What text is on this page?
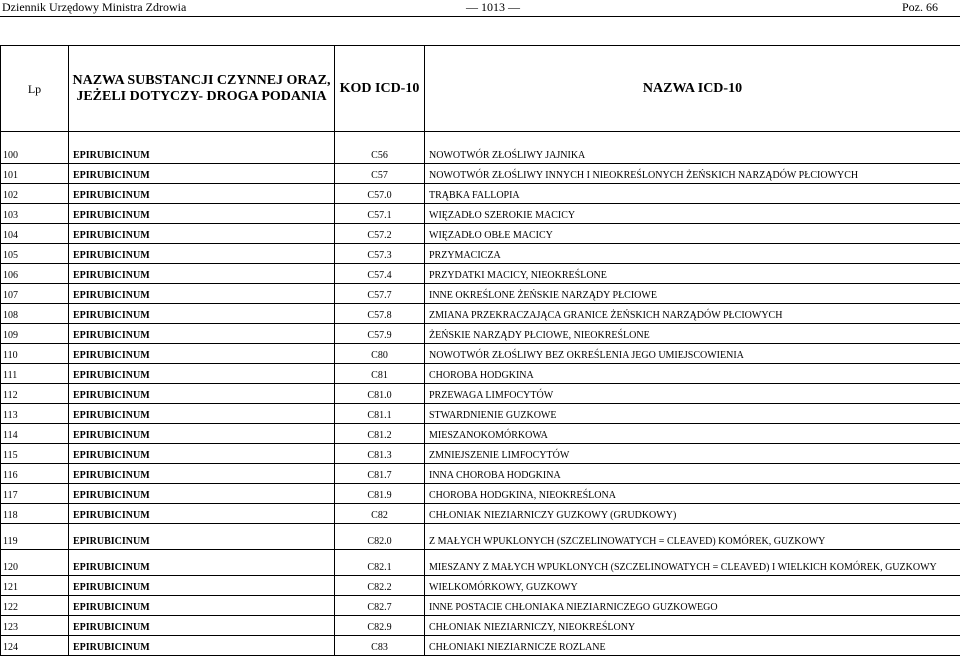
Dziennik Urzędowy Ministra Zdrowia	— 1013 —	Poz. 66
Lp	NAZWA SUBSTANCJI CZYNNEJ ORAZ,
JEŻELI DOTYCZY- DROGA PODANIA	KOD ICD-10	NAZWA ICD-10
100	EPIRUBICINUM	C56	NOWOTWÓR ZŁOŚLIWY JAJNIKA
101	EPIRUBICINUM	C57	NOWOTWÓR ZŁOŚLIWY INNYCH I NIEOKREŚLONYCH ŻEŃSKICH NARZĄDÓW PŁCIOWYCH
102	EPIRUBICINUM	C57.0	TRĄBKA FALLOPIA
103	EPIRUBICINUM	C57.1	WIĘZADŁO SZEROKIE MACICY
104	EPIRUBICINUM	C57.2	WIĘZADŁO OBŁE MACICY
105	EPIRUBICINUM	C57.3	PRZYMACICZA
106	EPIRUBICINUM	C57.4	PRZYDATKI MACICY, NIEOKREŚLONE
107	EPIRUBICINUM	C57.7	INNE OKREŚLONE ŻEŃSKIE NARZĄDY PŁCIOWE
108	EPIRUBICINUM	C57.8	ZMIANA PRZEKRACZAJĄCA GRANICE ŻEŃSKICH NARZĄDÓW PŁCIOWYCH
109	EPIRUBICINUM	C57.9	ŻEŃSKIE NARZĄDY PŁCIOWE, NIEOKREŚLONE
110	EPIRUBICINUM	C80	NOWOTWÓR ZŁOŚLIWY BEZ OKREŚLENIA JEGO UMIEJSCOWIENIA
111	EPIRUBICINUM	C81	CHOROBA HODGKINA
112	EPIRUBICINUM	C81.0	PRZEWAGA LIMFOCYTÓW
113	EPIRUBICINUM	C81.1	STWARDNIENIE GUZKOWE
114	EPIRUBICINUM	C81.2	MIESZANOKOMÓRKOWA
115	EPIRUBICINUM	C81.3	ZMNIEJSZENIE LIMFOCYTÓW
116	EPIRUBICINUM	C81.7	INNA CHOROBA HODGKINA
117	EPIRUBICINUM	C81.9	CHOROBA HODGKINA, NIEOKREŚLONA
118	EPIRUBICINUM	C82	CHŁONIAK NIEZIARNICZY GUZKOWY (GRUDKOWY)
119	EPIRUBICINUM	C82.0	Z MAŁYCH WPUKLONYCH (SZCZELINOWATYCH = CLEAVED) KOMÓREK, GUZKOWY
120	EPIRUBICINUM	C82.1	MIESZANY Z MAŁYCH WPUKLONYCH (SZCZELINOWATYCH = CLEAVED) I WIELKICH KOMÓREK, GUZKOWY
121	EPIRUBICINUM	C82.2	WIELKOMÓRKOWY, GUZKOWY
122	EPIRUBICINUM	C82.7	INNE POSTACIE CHŁONIAKA NIEZIARNICZEGO GUZKOWEGO
123	EPIRUBICINUM	C82.9	CHŁONIAK NIEZIARNICZY, NIEOKREŚLONY
124	EPIRUBICINUM	C83	CHŁONIAKI NIEZIARNICZE ROZLANE
